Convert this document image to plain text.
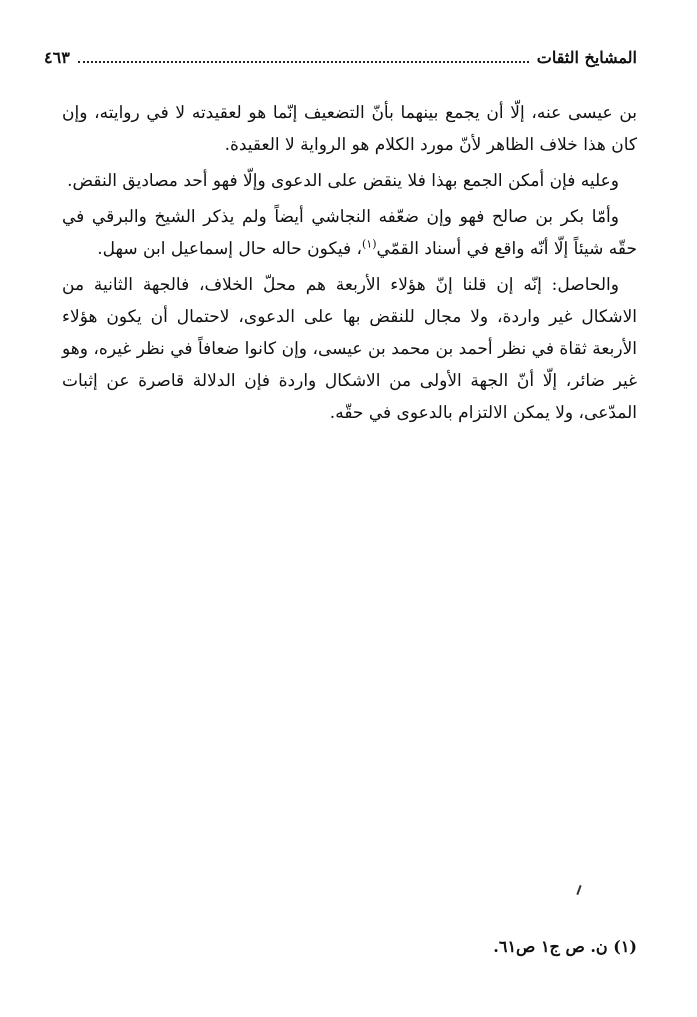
المشايخ الثقات
٤٦٣

بن عيسى عنه، إلّا أن يجمع بينهما بأنّ التضعيف إنّما هو لعقيدته لا في روايته، وإن كان هذا خلاف الظاهر لأنّ مورد الكلام هو الرواية لا العقيدة.

وعليه فإن أمكن الجمع بهذا فلا ينقض على الدعوى وإلّا فهو أحد مصاديق النقض.

وأمّا بكر بن صالح فهو وإن ضعّفه النجاشي أيضاً ولم يذكر الشيخ والبرقي في حقّه شيئاً إلّا أنّه واقع في أسناد القمّي$^{(١)}$، فيكون حاله حال إسماعيل ابن سهل.

والحاصل: إنّه إن قلنا إنّ هؤلاء الأربعة هم محلّ الخلاف، فالجهة الثانية من الاشكال غير واردة، ولا مجال للنقض بها على الدعوى، لاحتمال أن يكون هؤلاء الأربعة ثقاة في نظر أحمد بن محمد بن عيسى، وإن كانوا ضعافاً في نظر غيره، وهو غير ضائر، إلّا أنّ الجهة الأولى من الاشكال واردة فإن الدلالة قاصرة عن إثبات المدّعى، ولا يمكن الالتزام بالدعوى في حقّه.

(١) ن. ص ج١ ص٦١.
